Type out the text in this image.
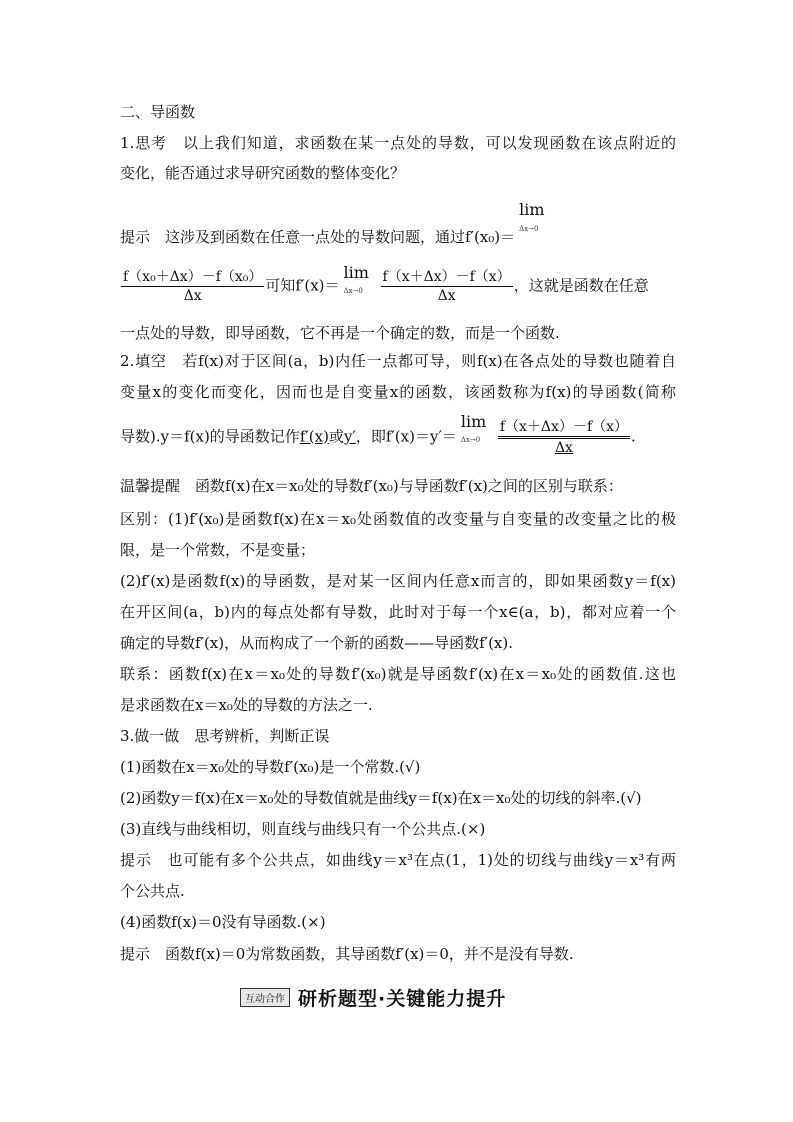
二、导函数
1.思考　以上我们知道，求函数在某一点处的导数，可以发现函数在该点附近的
变化，能否通过求导研究函数的整体变化？
提示　这涉及到函数在任意一点处的导数问题，通过f′(x₀)＝
lim
Δx→0
$\frac{\text{f（x₀＋Δx）－f（x₀）}}{\Delta x}$ 可知f′(x)＝
lim
$\Delta x\to 0 \frac{f(x+\Delta x)-f(x)}{\Delta x}$ ，这就是函数在任意
一点处的导数，即导函数，它不再是一个确定的数，而是一个函数.
2.填空　若f(x)对于区间(a，b)内任一点都可导，则f(x)在各点处的导数也随着自
变量x的变化而变化，因而也是自变量x的函数，该函数称为f(x)的导函数(简称
导数).y＝f(x)的导函数记作f′(x)或y′，即f′(x)＝y′＝
lim
$\Delta x\to 0 \frac{f(x+\Delta x)-f(x)}{\Delta x}$ .
温馨提醒　函数f(x)在x＝x₀处的导数f′(x₀)与导函数f′(x)之间的区别与联系：
区别：(1)f′(x₀)是函数f(x)在x＝x₀处函数值的改变量与自变量的改变量之比的极
限，是一个常数，不是变量；
(2)f′(x)是函数f(x)的导函数，是对某一区间内任意x而言的，即如果函数y＝f(x)
在开区间(a，b)内的每点处都有导数，此时对于每一个x∈(a，b)，都对应着一个
确定的导数f′(x)，从而构成了一个新的函数——导函数f′(x).
联系：函数f(x)在x＝x₀处的导数f′(x₀)就是导函数f′(x)在x＝x₀处的函数值.这也
是求函数在x＝x₀处的导数的方法之一.
3.做一做　思考辨析，判断正误
(1)函数在x＝x₀处的导数f′(x₀)是一个常数.(√)
(2)函数y＝f(x)在x＝x₀处的导数值就是曲线y＝f(x)在x＝x₀处的切线的斜率.(√)
(3)直线与曲线相切，则直线与曲线只有一个公共点.(×)
提示　也可能有多个公共点，如曲线y＝x³在点(1，1)处的切线与曲线y＝x³有两
个公共点.
(4)函数f(x)＝0没有导函数.(×)
提示　函数f(x)＝0为常数函数，其导函数f′(x)＝0，并不是没有导数.
互动合作 研析题型·关键能力提升
